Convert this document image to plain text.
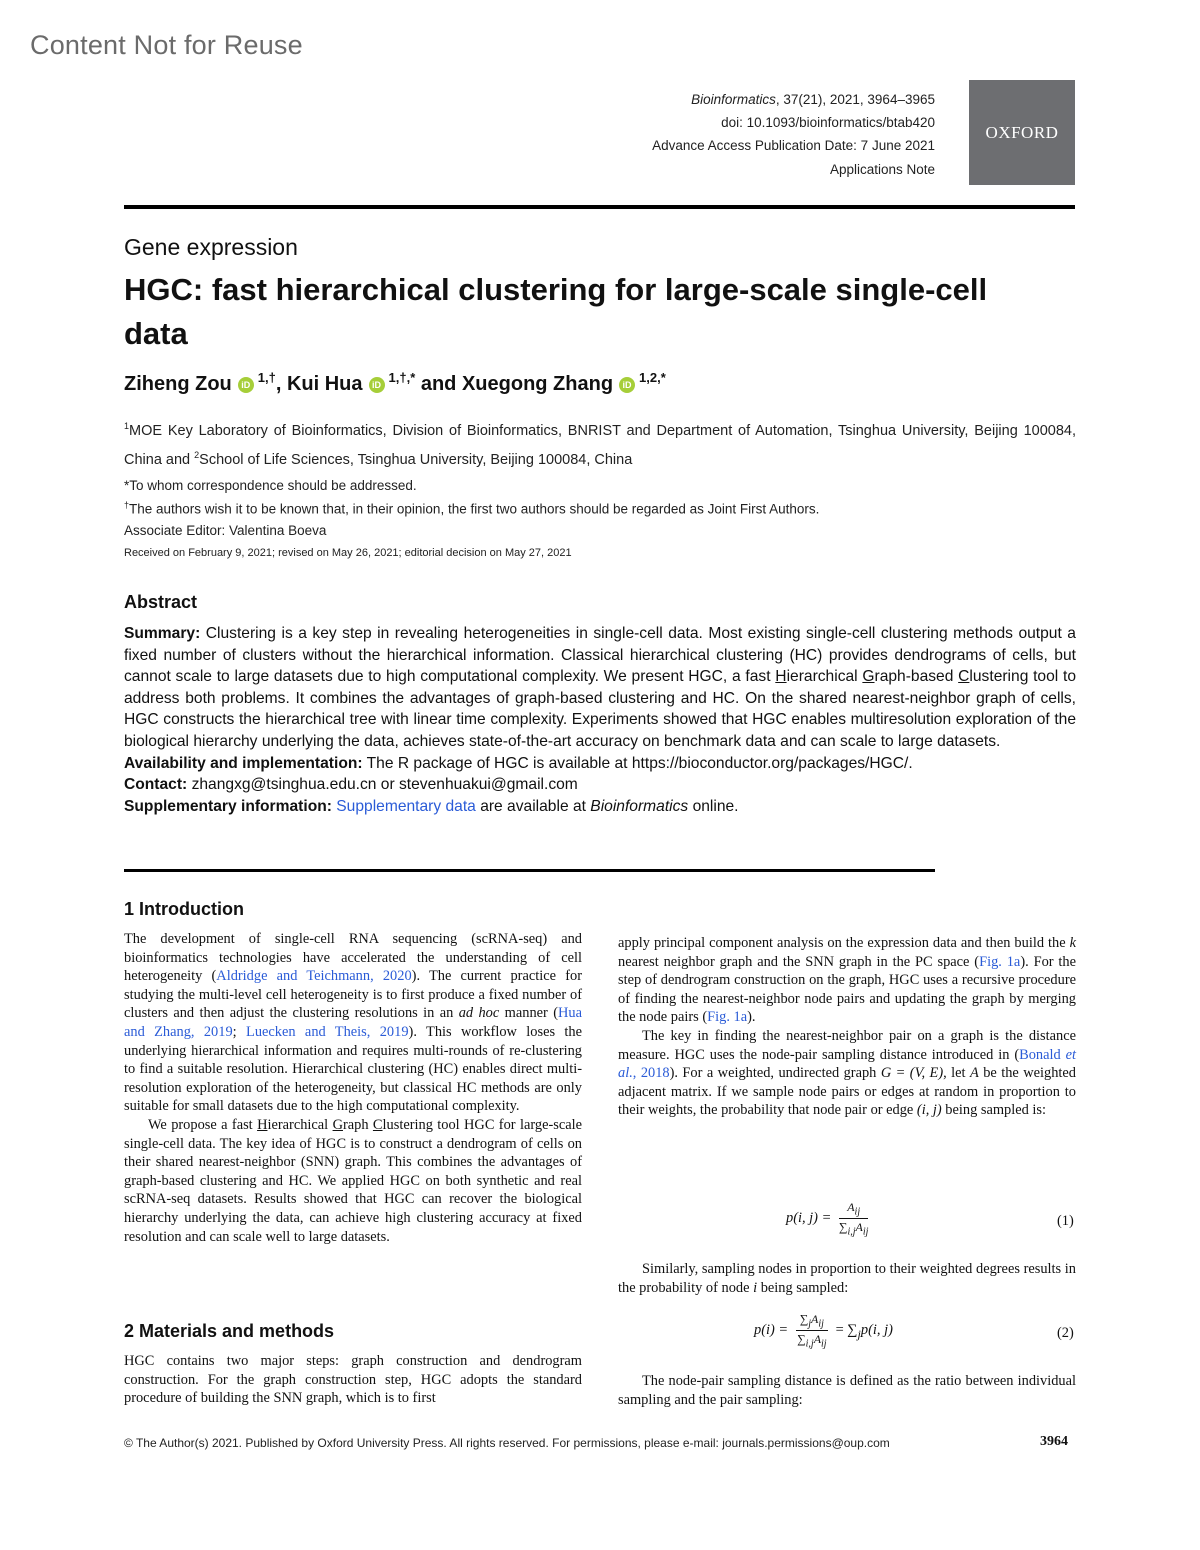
Content Not for Reuse
Bioinformatics, 37(21), 2021, 3964–3965
doi: 10.1093/bioinformatics/btab420
Advance Access Publication Date: 7 June 2021
Applications Note
OXFORD
Gene expression
HGC: fast hierarchical clustering for large-scale single-cell data
Ziheng Zou iD $^{1,\dagger}$, Kui Hua iD $^{1,\dagger,*}$ and Xuegong Zhang iD $^{1,2,*}$
$^1$MOE Key Laboratory of Bioinformatics, Division of Bioinformatics, BNRIST and Department of Automation, Tsinghua University, Beijing 100084, China and $^2$School of Life Sciences, Tsinghua University, Beijing 100084, China
*To whom correspondence should be addressed.
†The authors wish it to be known that, in their opinion, the first two authors should be regarded as Joint First Authors.
Associate Editor: Valentina Boeva
Received on February 9, 2021; revised on May 26, 2021; editorial decision on May 27, 2021
Abstract

Summary: Clustering is a key step in revealing heterogeneities in single-cell data. Most existing single-cell clustering methods output a fixed number of clusters without the hierarchical information. Classical hierarchical clustering (HC) provides dendrograms of cells, but cannot scale to large datasets due to high computational complexity. We present HGC, a fast Hierarchical Graph-based Clustering tool to address both problems. It combines the advantages of graph-based clustering and HC. On the shared nearest-neighbor graph of cells, HGC constructs the hierarchical tree with linear time complexity. Experiments showed that HGC enables multiresolution exploration of the biological hierarchy underlying the data, achieves state-of-the-art accuracy on benchmark data and can scale to large datasets.

Availability and implementation: The R package of HGC is available at https://bioconductor.org/packages/HGC/.

Contact: zhangxg@tsinghua.edu.cn or stevenhuakui@gmail.com

Supplementary information: Supplementary data are available at Bioinformatics online.

1 Introduction

The development of single-cell RNA sequencing (scRNA-seq) and bioinformatics technologies have accelerated the understanding of cell heterogeneity (Aldridge and Teichmann, 2020). The current practice for studying the multi-level cell heterogeneity is to first produce a fixed number of clusters and then adjust the clustering resolutions in an ad hoc manner (Hua and Zhang, 2019; Luecken and Theis, 2019). This workflow loses the underlying hierarchical information and requires multi-rounds of re-clustering to find a suitable resolution. Hierarchical clustering (HC) enables direct multi-resolution exploration of the heterogeneity, but classical HC methods are only suitable for small datasets due to the high computational complexity.

We propose a fast Hierarchical Graph Clustering tool HGC for large-scale single-cell data. The key idea of HGC is to construct a dendrogram of cells on their shared nearest-neighbor (SNN) graph. This combines the advantages of graph-based clustering and HC. We applied HGC on both synthetic and real scRNA-seq datasets. Results showed that HGC can recover the biological hierarchy underlying the data, can achieve high clustering accuracy at fixed resolution and can scale well to large datasets.

2 Materials and methods

HGC contains two major steps: graph construction and dendrogram construction. For the graph construction step, HGC adopts the standard procedure of building the SNN graph, which is to first

apply principal component analysis on the expression data and then build the k nearest neighbor graph and the SNN graph in the PC space (Fig. 1a). For the step of dendrogram construction on the graph, HGC uses a recursive procedure of finding the nearest-neighbor node pairs and updating the graph by merging the node pairs (Fig. 1a).

The key in finding the nearest-neighbor pair on a graph is the distance measure. HGC uses the node-pair sampling distance introduced in (Bonald et al., 2018). For a weighted, undirected graph G = (V, E), let A be the weighted adjacent matrix. If we sample node pairs or edges at random in proportion to their weights, the probability that node pair or edge (i, j) being sampled is:

p(i, $j) = \frac{A_{ij}}{\sum_{i,j}A_{ij}}$	(1)

Similarly, sampling nodes in proportion to their weighted degrees results in the probability of node i being sampled:

$p(i) = \frac{\sum_jA_{ij}}{\sum_{i,j}A_{ij}} = \sum_jp(i$, j)	(2)

The node-pair sampling distance is defined as the ratio between individual sampling and the pair sampling:

© The Author(s) 2021. Published by Oxford University Press. All rights reserved. For permissions, please e-mail: journals.permissions@oup.com	3964
